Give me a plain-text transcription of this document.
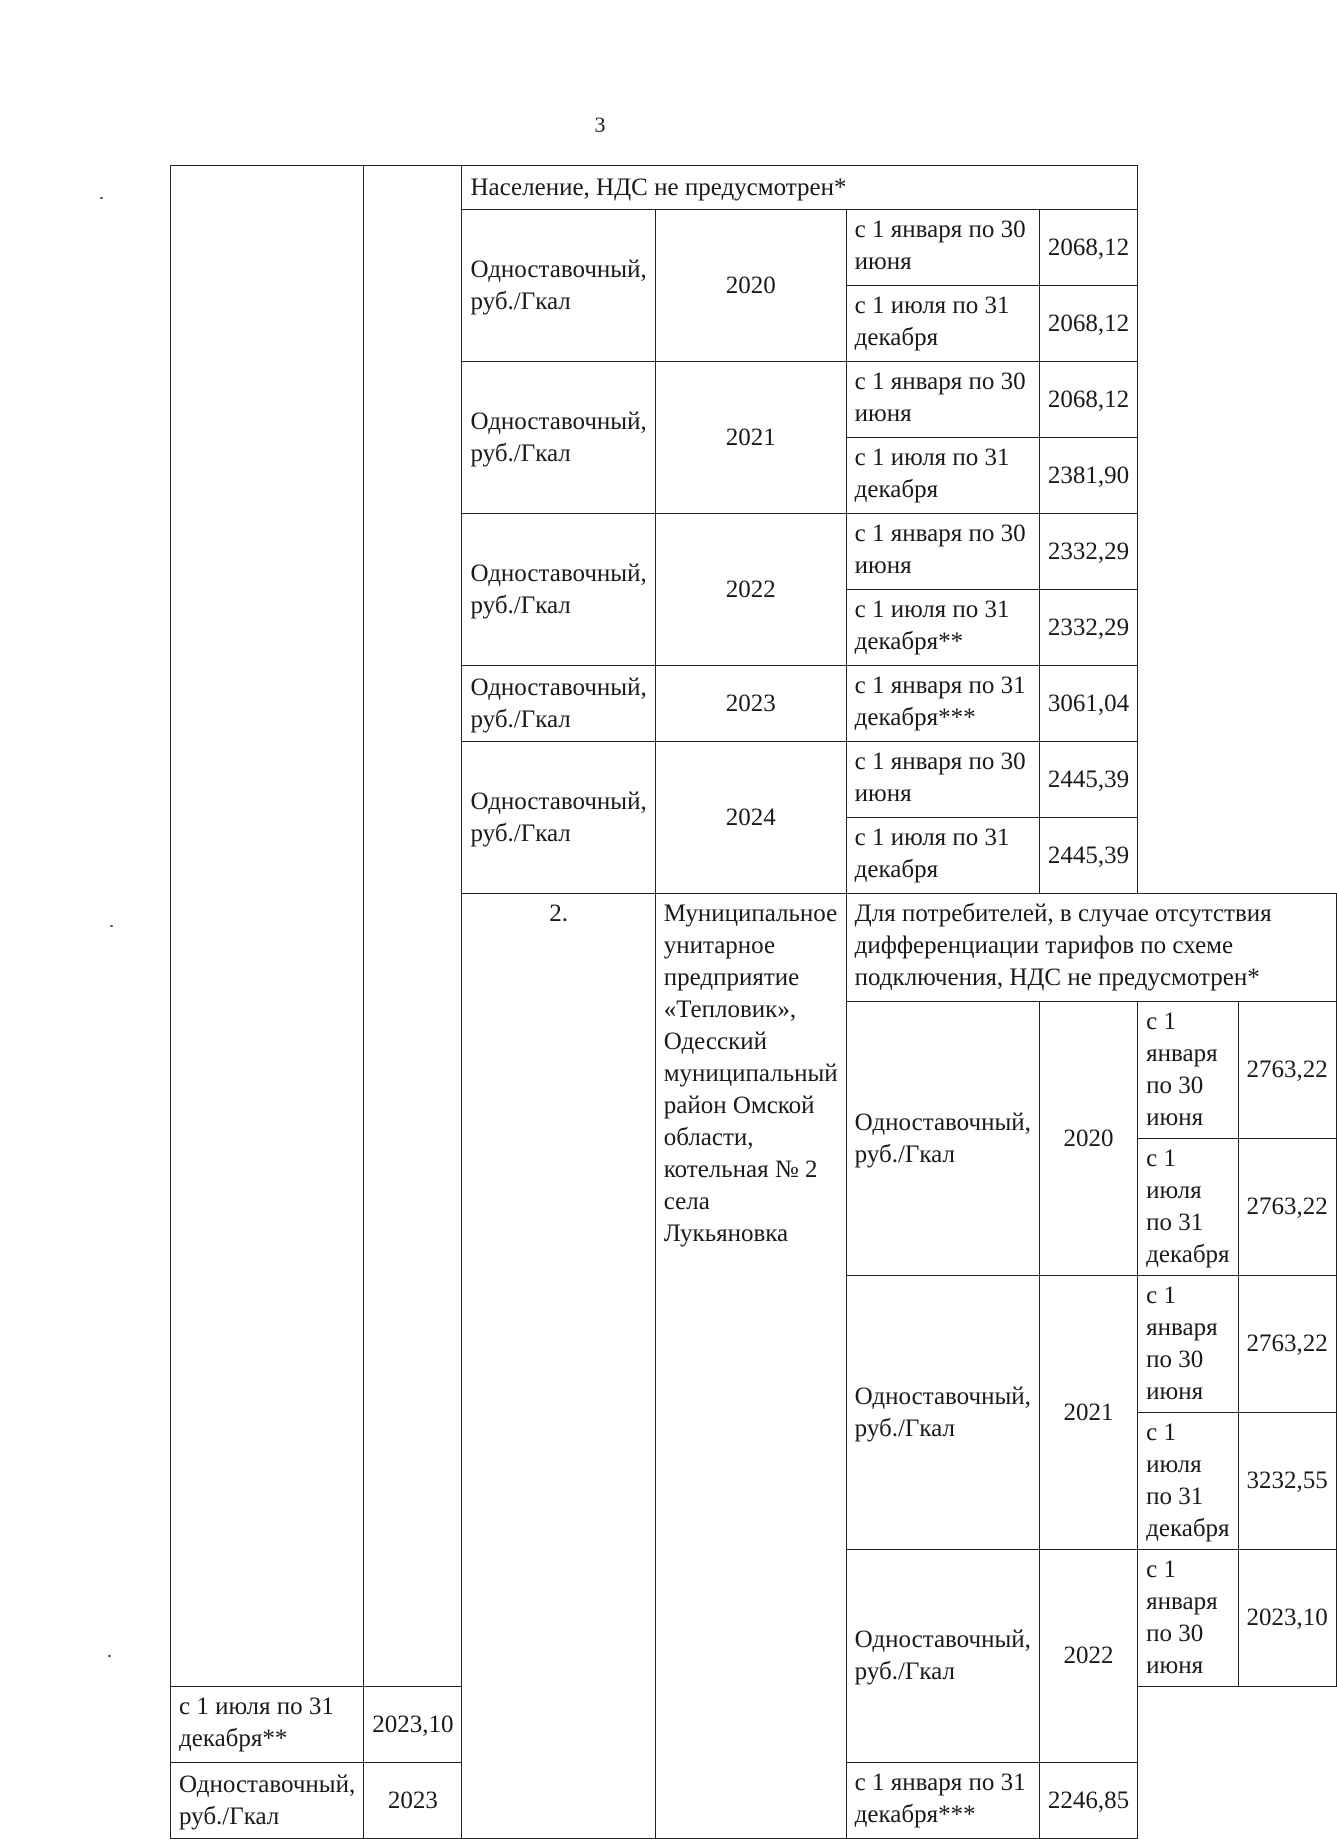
3
		Население, НДС не предусмотрен*					
		Одноставочный, руб./Гкал	2020	с 1 января по 30 июня	2068,12		
				с 1 июля по 31 декабря	2068,12		
		Одноставочный, руб./Гкал	2021	с 1 января по 30 июня	2068,12		
				с 1 июля по 31 декабря	2381,90		
		Одноставочный, руб./Гкал	2022	с 1 января по 30 июня	2332,29		
				с 1 июля по 31 декабря**	2332,29		
		Одноставочный, руб./Гкал	2023	с 1 января по 31 декабря***	3061,04		
		Одноставочный, руб./Гкал	2024	с 1 января по 30 июня	2445,39		
				с 1 июля по 31 декабря	2445,39		
		2.	Муниципальное унитарное предприятие «Тепловик», Одесский муниципальный район Омской области, котельная № 2 села Лукьяновка	Для потребителей, в случае отсутствия дифференциации тарифов по схеме подключения, НДС не предусмотрен*			
				Одноставочный, руб./Гкал	2020	с 1 января по 30 июня	2763,22
						с 1 июля по 31 декабря	2763,22
				Одноставочный, руб./Гкал	2021	с 1 января по 30 июня	2763,22
						с 1 июля по 31 декабря	3232,55
				Одноставочный, руб./Гкал	2022	с 1 января по 30 июня	2023,10
с 1 июля по 31 декабря**	2023,10						
Одноставочный, руб./Гкал	2023			с 1 января по 31 декабря***	2246,85		
